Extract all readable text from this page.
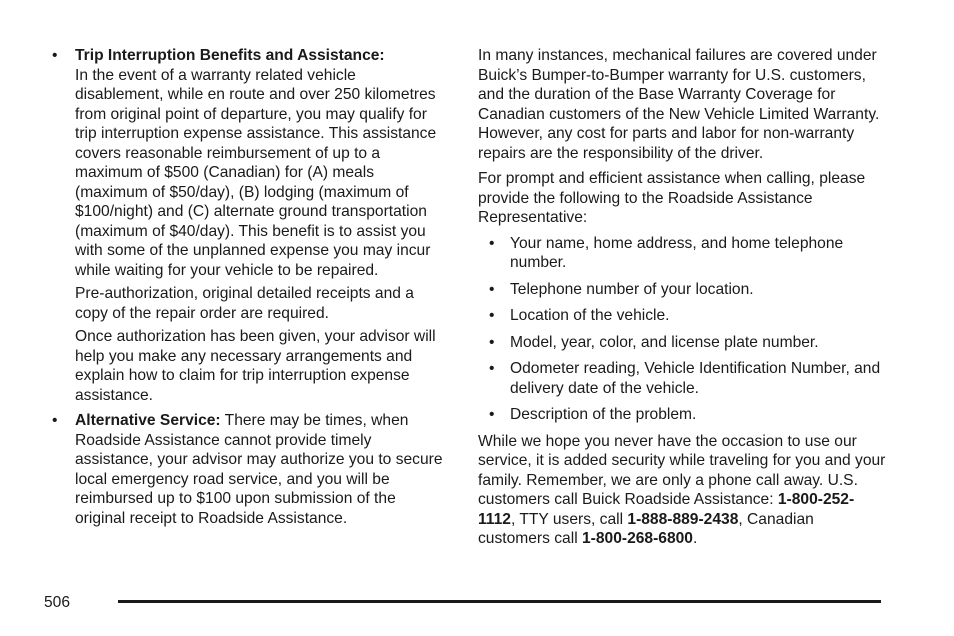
• Trip Interruption Benefits and Assistance:
In the event of a warranty related vehicle disablement, while en route and over 250 kilometres from original point of departure, you may qualify for trip interruption expense assistance. This assistance covers reasonable reimbursement of up to a maximum of $500 (Canadian) for (A) meals (maximum of $50/day), (B) lodging (maximum of $100/night) and (C) alternate ground transportation (maximum of $40/day). This benefit is to assist you with some of the unplanned expense you may incur while waiting for your vehicle to be repaired.

Pre-authorization, original detailed receipts and a copy of the repair order are required.

Once authorization has been given, your advisor will help you make any necessary arrangements and explain how to claim for trip interruption expense assistance.

• Alternative Service: There may be times, when Roadside Assistance cannot provide timely assistance, your advisor may authorize you to secure local emergency road service, and you will be reimbursed up to $100 upon submission of the original receipt to Roadside Assistance.

In many instances, mechanical failures are covered under Buick’s Bumper-to-Bumper warranty for U.S. customers, and the duration of the Base Warranty Coverage for Canadian customers of the New Vehicle Limited Warranty. However, any cost for parts and labor for non-warranty repairs are the responsibility of the driver.

For prompt and efficient assistance when calling, please provide the following to the Roadside Assistance Representative:

• Your name, home address, and home telephone number.
• Telephone number of your location.
• Location of the vehicle.
• Model, year, color, and license plate number.
• Odometer reading, Vehicle Identification Number, and delivery date of the vehicle.
• Description of the problem.

While we hope you never have the occasion to use our service, it is added security while traveling for you and your family. Remember, we are only a phone call away. U.S. customers call Buick Roadside Assistance: 1-800-252-1112, TTY users, call 1-888-889-2438, Canadian customers call 1-800-268-6800.

506
